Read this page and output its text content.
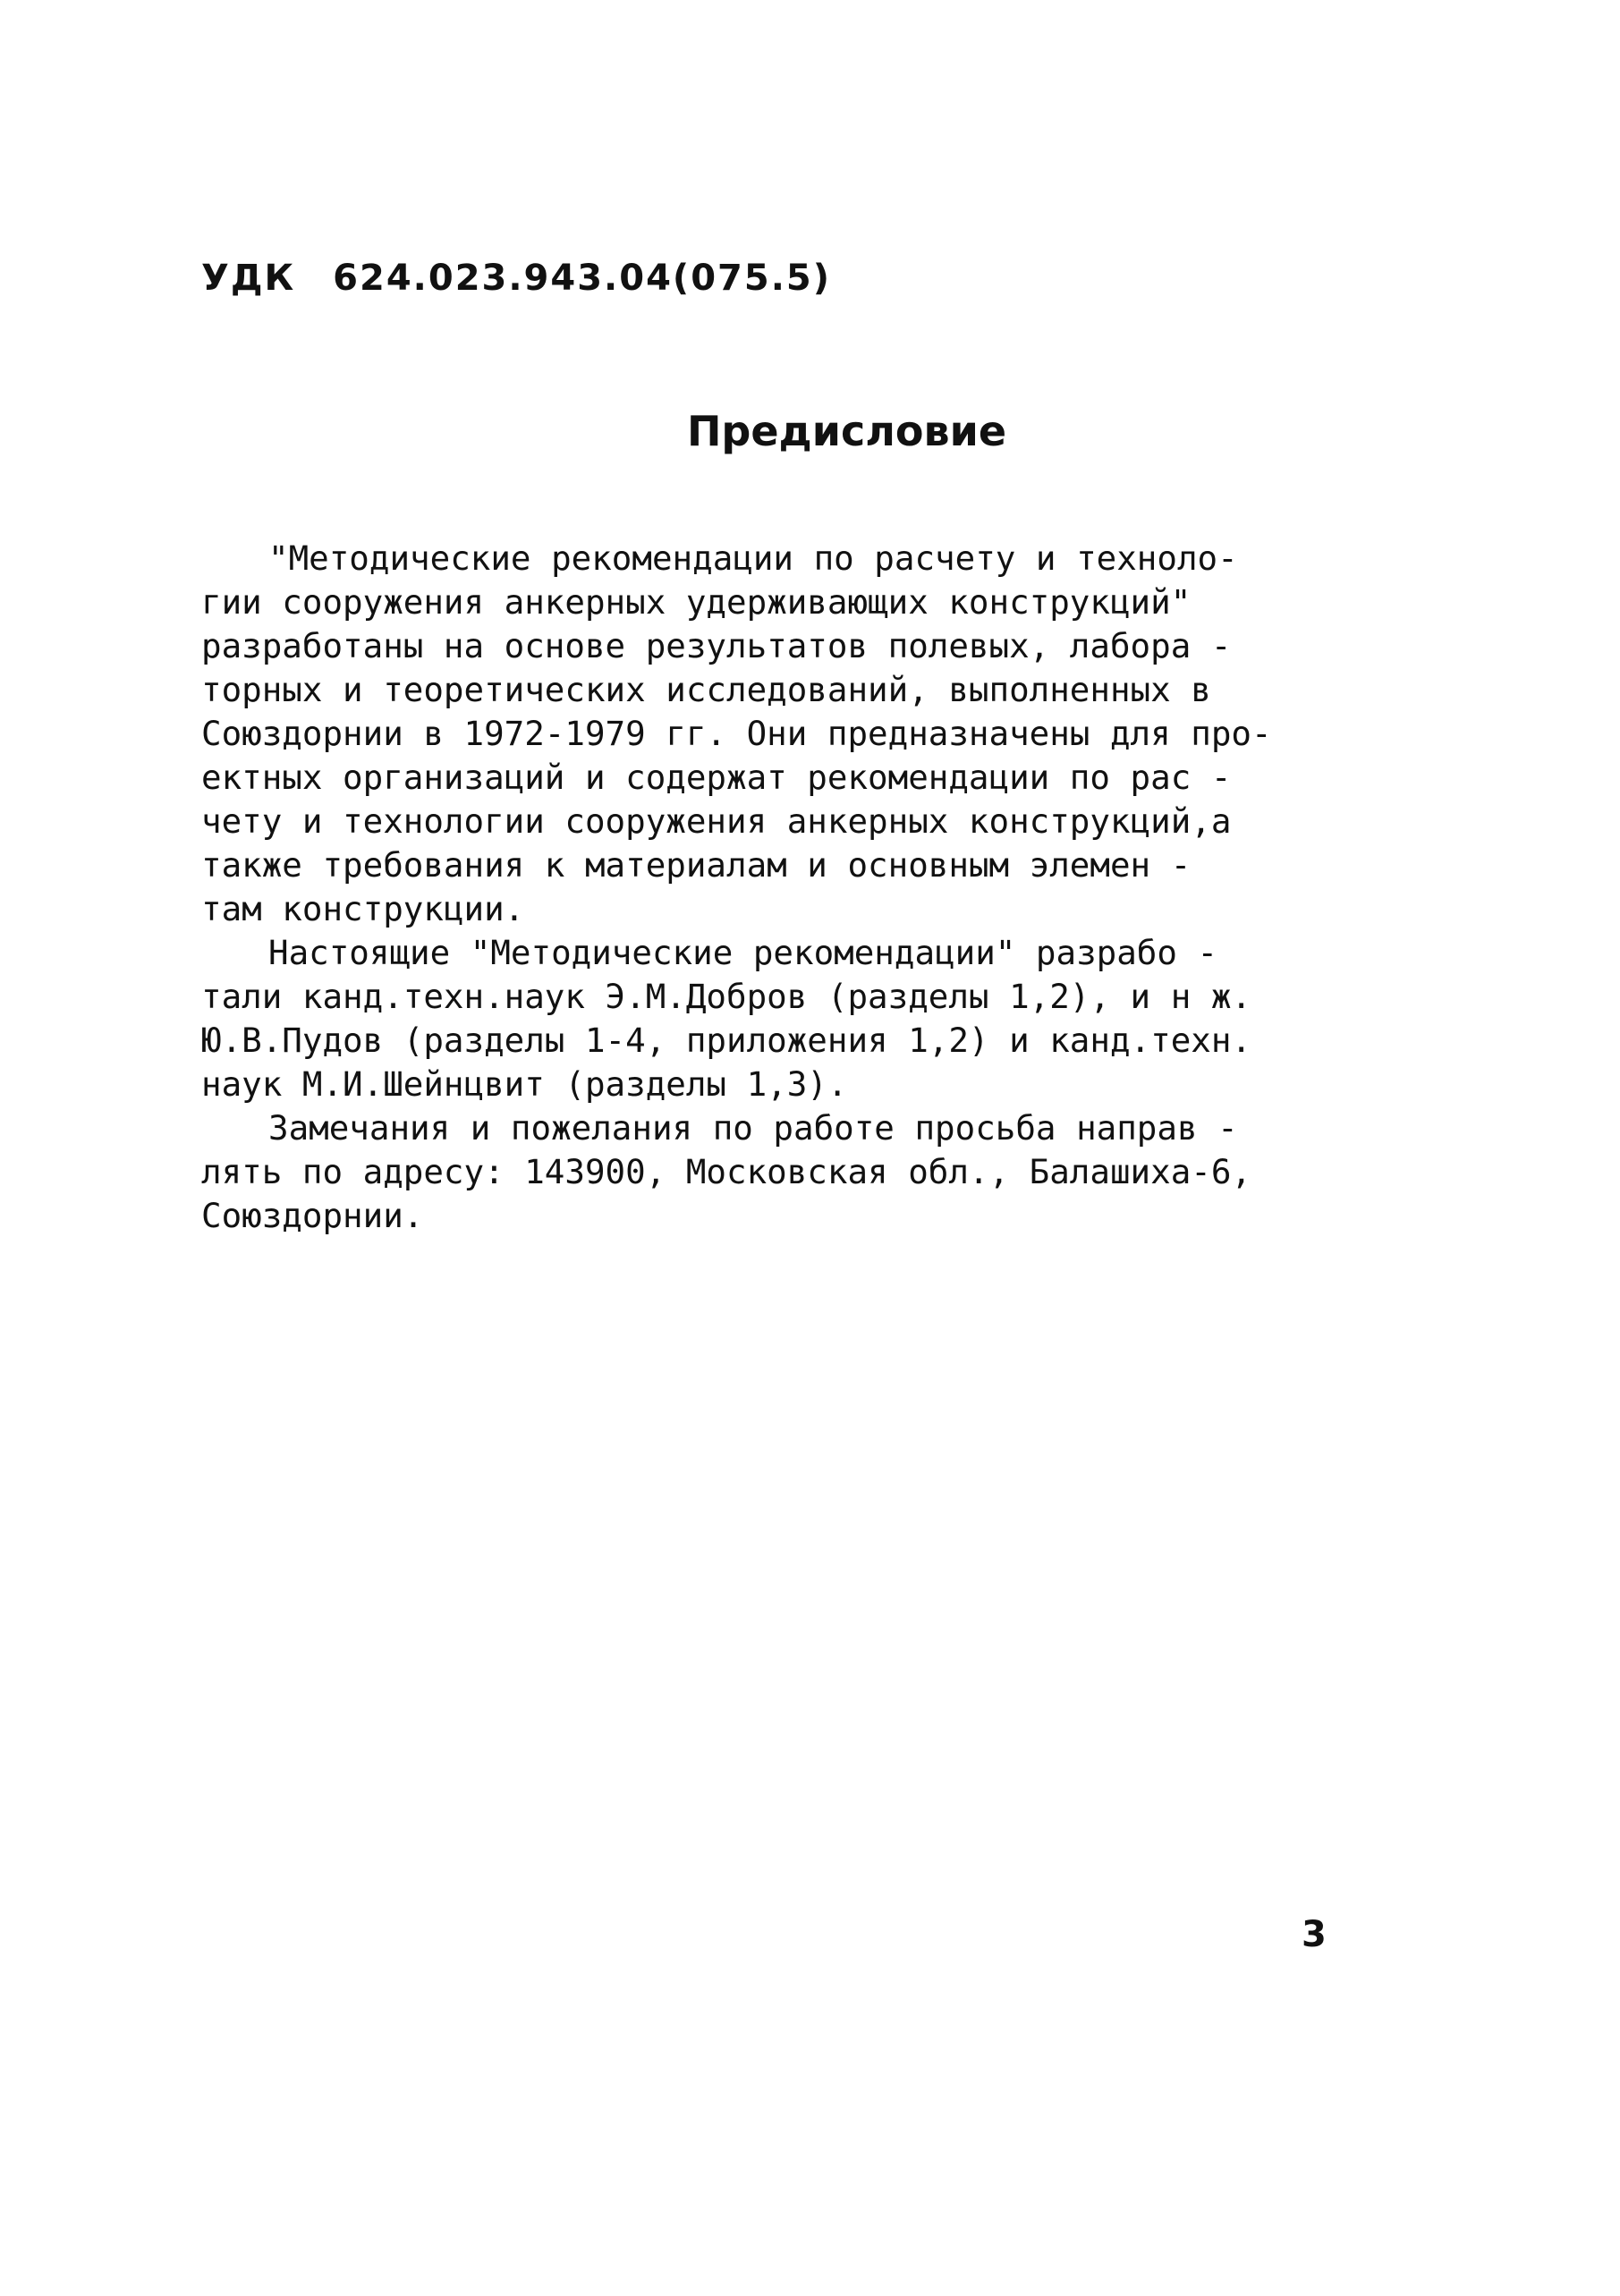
УДК 624.023.943.04(075.5)
Предисловие
"Методические рекомендации по расчету и техноло-
гии сооружения анкерных удерживающих конструкций"
разработаны на основе результатов полевых, лабора -
торных и теоретических исследований, выполненных в
Союздорнии в 1972-1979 гг. Они предназначены для про-
ектных организаций и содержат рекомендации по рас -
чету и технологии сооружения анкерных конструкций,а
также требования к материалам и основным элемен -
там конструкции.
Настоящие "Методические рекомендации" разрабо -
тали канд.техн.наук Э.М.Добров (разделы 1,2), и н ж.
Ю.В.Пудов (разделы 1-4, приложения 1,2) и канд.техн.
наук М.И.Шейнцвит (разделы 1,3).
Замечания и пожелания по работе просьба направ -
лять по адресу: 143900, Московская обл., Балашиха-6,
Союздорнии.
3
